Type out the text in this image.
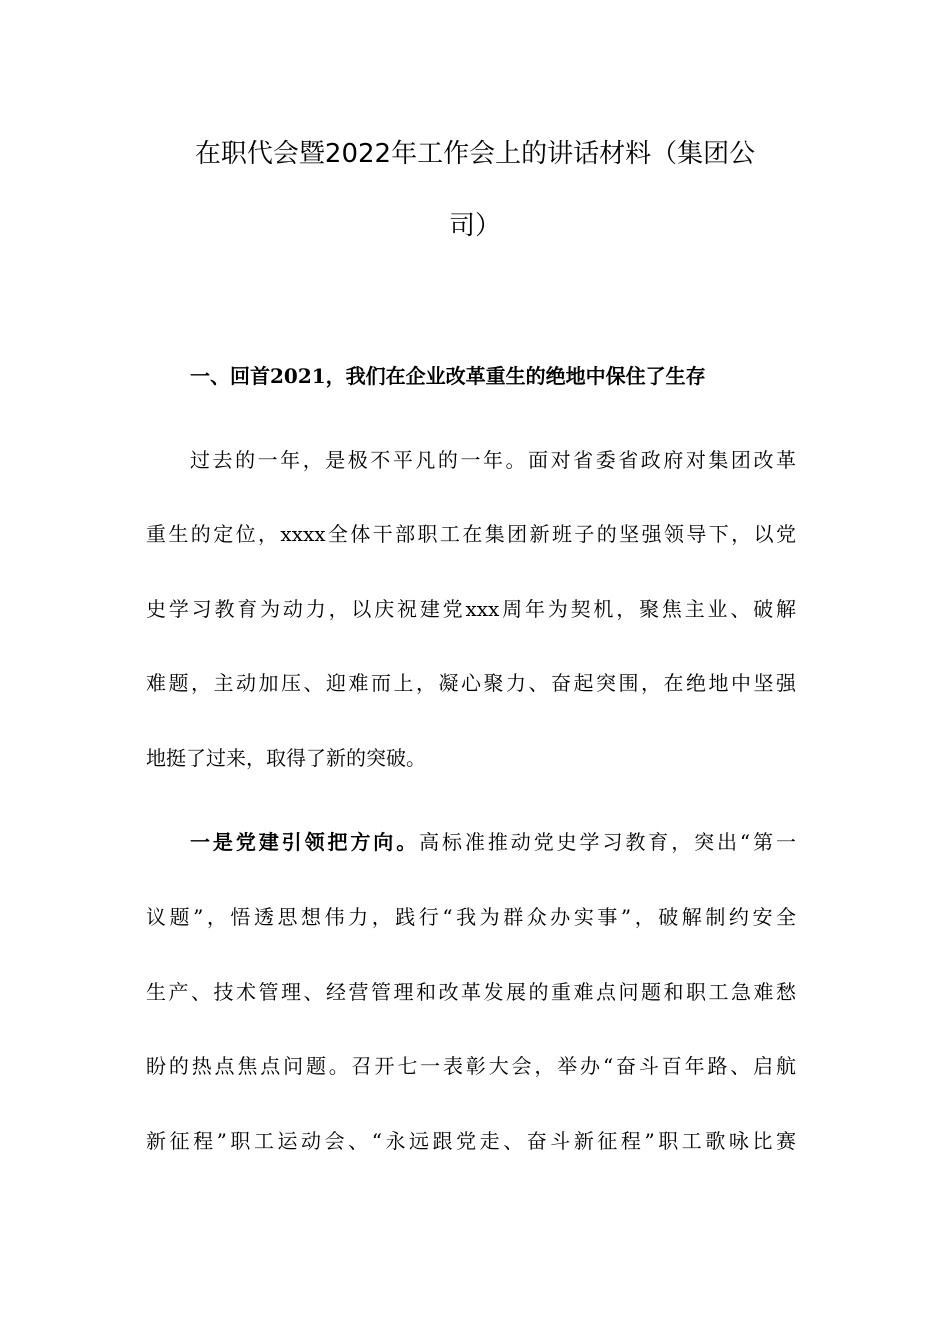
在职代会暨2022年工作会上的讲话材料（集团公
司）
一、回首2021，我们在企业改革重生的绝地中保住了生存
过去的一年，是极不平凡的一年。面对省委省政府对集团改革
重生的定位，xxxx全体干部职工在集团新班子的坚强领导下，以党
史学习教育为动力，以庆祝建党xxx周年为契机，聚焦主业、破解
难题，主动加压、迎难而上，凝心聚力、奋起突围，在绝地中坚强
地挺了过来，取得了新的突破。
一是党建引领把方向。高标准推动党史学习教育，突出“第一
议题”，悟透思想伟力，践行“我为群众办实事”，破解制约安全
生产、技术管理、经营管理和改革发展的重难点问题和职工急难愁
盼的热点焦点问题。召开七一表彰大会，举办“奋斗百年路、启航
新征程”职工运动会、“永远跟党走、奋斗新征程”职工歌咏比赛
